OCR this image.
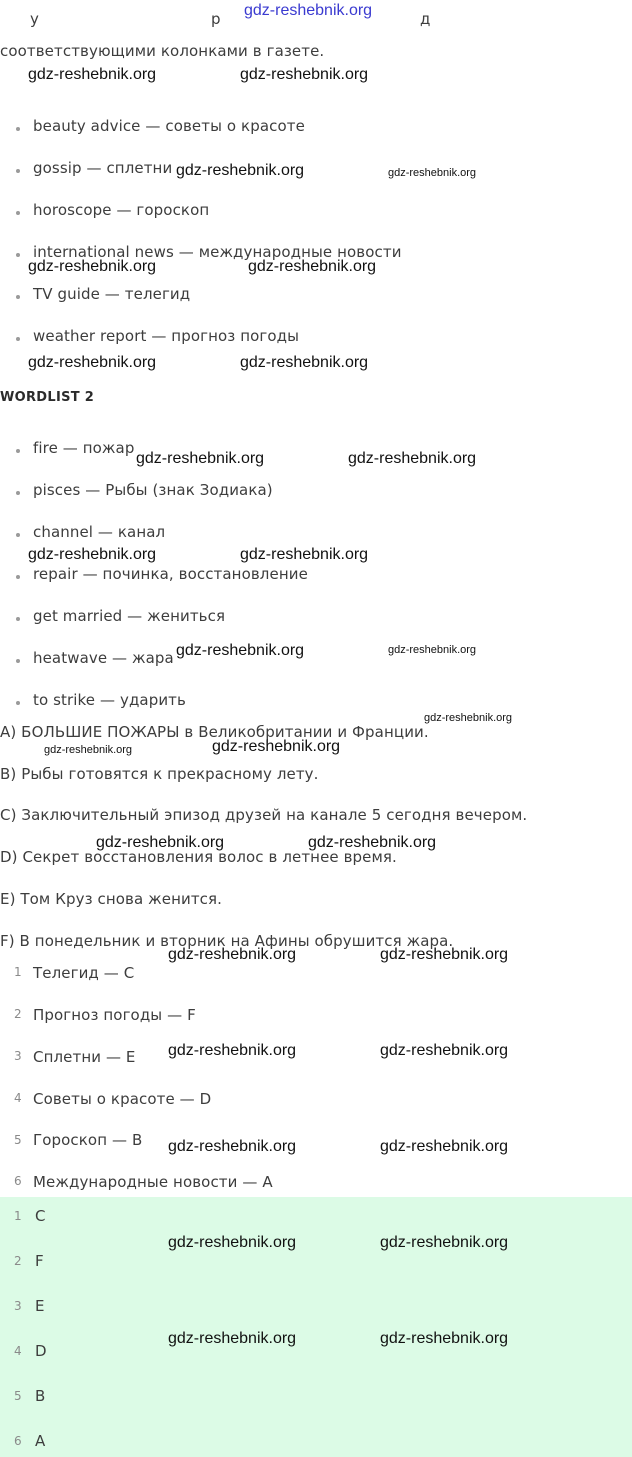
у	р	д
соответствующими колонками в газете.
beauty advice — советы о красоте
gossip — сплетни
horoscope — гороскоп
international news — международные новости
TV guide — телегид
weather report — прогноз погоды
WORDLIST 2
fire — пожар
pisces — Рыбы (знак Зодиака)
channel — канал
repair — починка, восстановление
get married — жениться
heatwave — жара
to strike — ударить
A) БОЛЬШИЕ ПОЖАРЫ в Великобритании и Франции.
B) Рыбы готовятся к прекрасному лету.
C) Заключительный эпизод друзей на канале 5 сегодня вечером.
D) Секрет восстановления волос в летнее время.
E) Том Круз снова женится.
F) В понедельник и вторник на Афины обрушится жара.
1 Телегид — C
2 Прогноз погоды — F
3 Сплетни — E
4 Советы о красоте — D
5 Гороскоп — B
6 Международные новости — A
1 C
2 F
3 E
4 D
5 B
6 A
gdz-reshebnik.org
gdz-reshebnik.org	gdz-reshebnik.org
gdz-reshebnik.org	gdz-reshebnik.org
gdz-reshebnik.org	gdz-reshebnik.org
gdz-reshebnik.org	gdz-reshebnik.org
gdz-reshebnik.org	gdz-reshebnik.org
gdz-reshebnik.org	gdz-reshebnik.org
gdz-reshebnik.org	gdz-reshebnik.org
gdz-reshebnik.org
gdz-reshebnik.org	gdz-reshebnik.org
gdz-reshebnik.org	gdz-reshebnik.org
gdz-reshebnik.org	gdz-reshebnik.org
gdz-reshebnik.org	gdz-reshebnik.org
gdz-reshebnik.org	gdz-reshebnik.org
gdz-reshebnik.org	gdz-reshebnik.org
gdz-reshebnik.org	gdz-reshebnik.org
